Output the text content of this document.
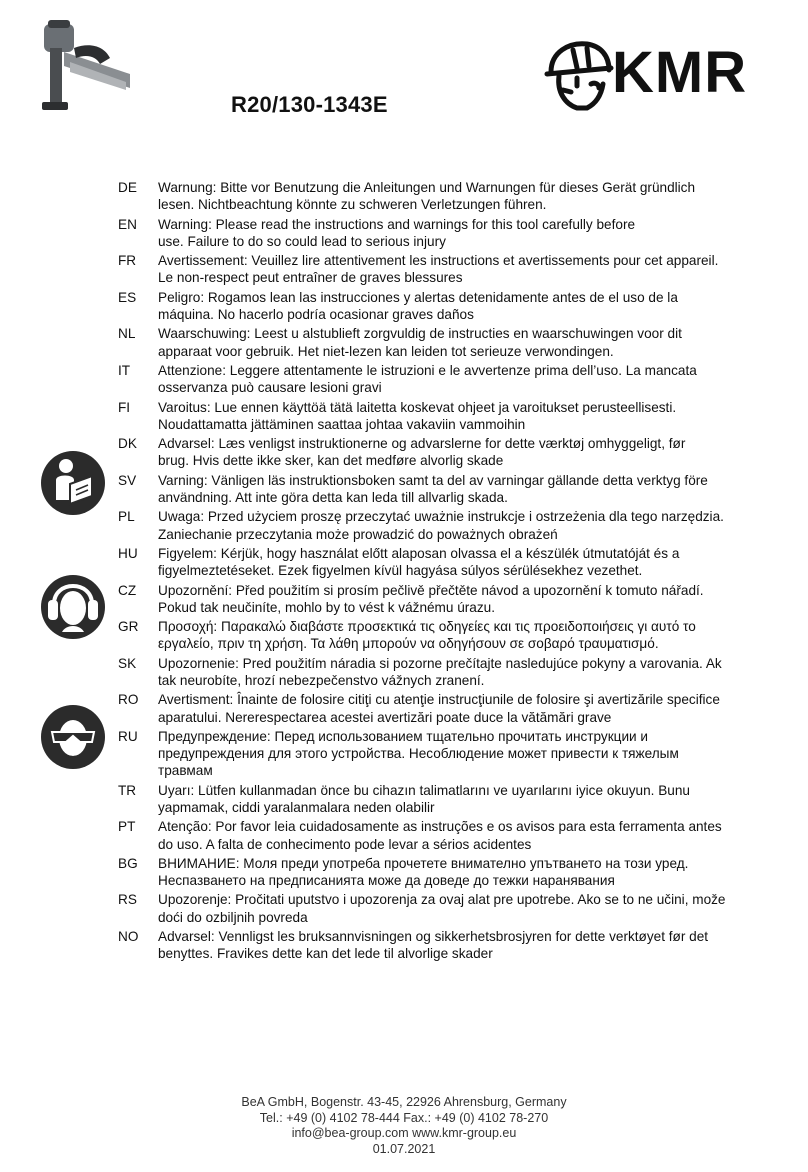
R20/130-1343E	KMR
DE	Warnung: Bitte vor Benutzung die Anleitungen und Warnungen für dieses Gerät gründlich
lesen. Nichtbeachtung könnte zu schweren Verletzungen führen.
EN	Warning: Please read the instructions and warnings for this tool carefully before
use. Failure to do so could lead to serious injury
FR	Avertissement: Veuillez lire attentivement les instructions et avertissements pour cet appareil.
Le non-respect peut entraîner de graves blessures
ES	Peligro: Rogamos lean las instrucciones y alertas detenidamente antes de el uso de la
máquina. No hacerlo podría ocasionar graves daños
NL	Waarschuwing: Leest u alstublieft zorgvuldig de instructies en waarschuwingen voor dit
apparaat voor gebruik. Het niet-lezen kan leiden tot serieuze verwondingen.
IT	Attenzione: Leggere attentamente le istruzioni e le avvertenze prima dell’uso. La mancata
osservanza può causare lesioni gravi
FI	Varoitus: Lue ennen käyttöä tätä laitetta koskevat ohjeet ja varoitukset perusteellisesti.
Noudattamatta jättäminen saattaa johtaa vakaviin vammoihin
DK	Advarsel: Læs venligst instruktionerne og advarslerne for dette værktøj omhyggeligt, før
brug. Hvis dette ikke sker, kan det medføre alvorlig skade
SV	Varning: Vänligen läs instruktionsboken samt ta del av varningar gällande detta verktyg före
användning. Att inte göra detta kan leda till allvarlig skada.
PL	Uwaga: Przed użyciem proszę przeczytać uważnie instrukcje i ostrzeżenia dla tego narzędzia.
Zaniechanie przeczytania może prowadzić do poważnych obrażeń
HU	Figyelem: Kérjük, hogy használat előtt alaposan olvassa el a készülék útmutatóját és a
figyelmeztetéseket. Ezek figyelmen kívül hagyása súlyos sérülésekhez vezethet.
CZ	Upozornění: Před použitím si prosím pečlivě přečtěte návod a upozornění k tomuto nářadí.
Pokud tak neučiníte, mohlo by to vést k vážnému úrazu.
GR	Προσοχή: Παρακαλώ διαβάστε προσεκτικά τις οδηγείες και τις προειδοποιήσεις γι αυτό το
εργαλείο, πριν τη χρήση. Τα λάθη μπορούν να οδηγήσουν σε σοβαρό τραυματισμό.
SK	Upozornenie: Pred použitím náradia si pozorne prečítajte nasledujúce pokyny a varovania. Ak
tak neurobíte, hrozí nebezpečenstvo vážnych zranení.
RO	Avertisment: Înainte de folosire citiţi cu atenţie instrucţiunile de folosire şi avertizările specifice
aparatului. Nererespectarea acestei avertizări poate duce la vătămări grave
RU	Предупреждение: Перед использованием тщательно прочитать инструкции и
предупреждения для этого устройства. Несоблюдение может привести к тяжелым
травмам
TR	Uyarı: Lütfen kullanmadan önce bu cihazın talimatlarını ve uyarılarını iyice okuyun. Bunu
yapmamak, ciddi yaralanmalara neden olabilir
PT	Atenção: Por favor leia cuidadosamente as instruções e os avisos para esta ferramenta antes
do uso. A falta de conhecimento pode levar a sérios acidentes
BG	ВНИМАНИЕ: Моля преди употреба прочетете внимателно упътването на този уред.
Неспазването на предписанията може да доведе до тежки наранявания
RS	Upozorenje: Pročitati uputstvo i upozorenja za ovaj alat pre upotrebe. Ako se to ne učini, može
doći do ozbiljnih povreda
NO	Advarsel: Vennligst les bruksannvisningen og sikkerhetsbrosjyren for dette verktøyet før det
benyttes. Fravikes dette kan det lede til alvorlige skader
BeA GmbH, Bogenstr. 43-45, 22926 Ahrensburg, Germany
Tel.: +49 (0) 4102 78-444 Fax.: +49 (0) 4102 78-270
info@bea-group.com www.kmr-group.eu
01.07.2021
